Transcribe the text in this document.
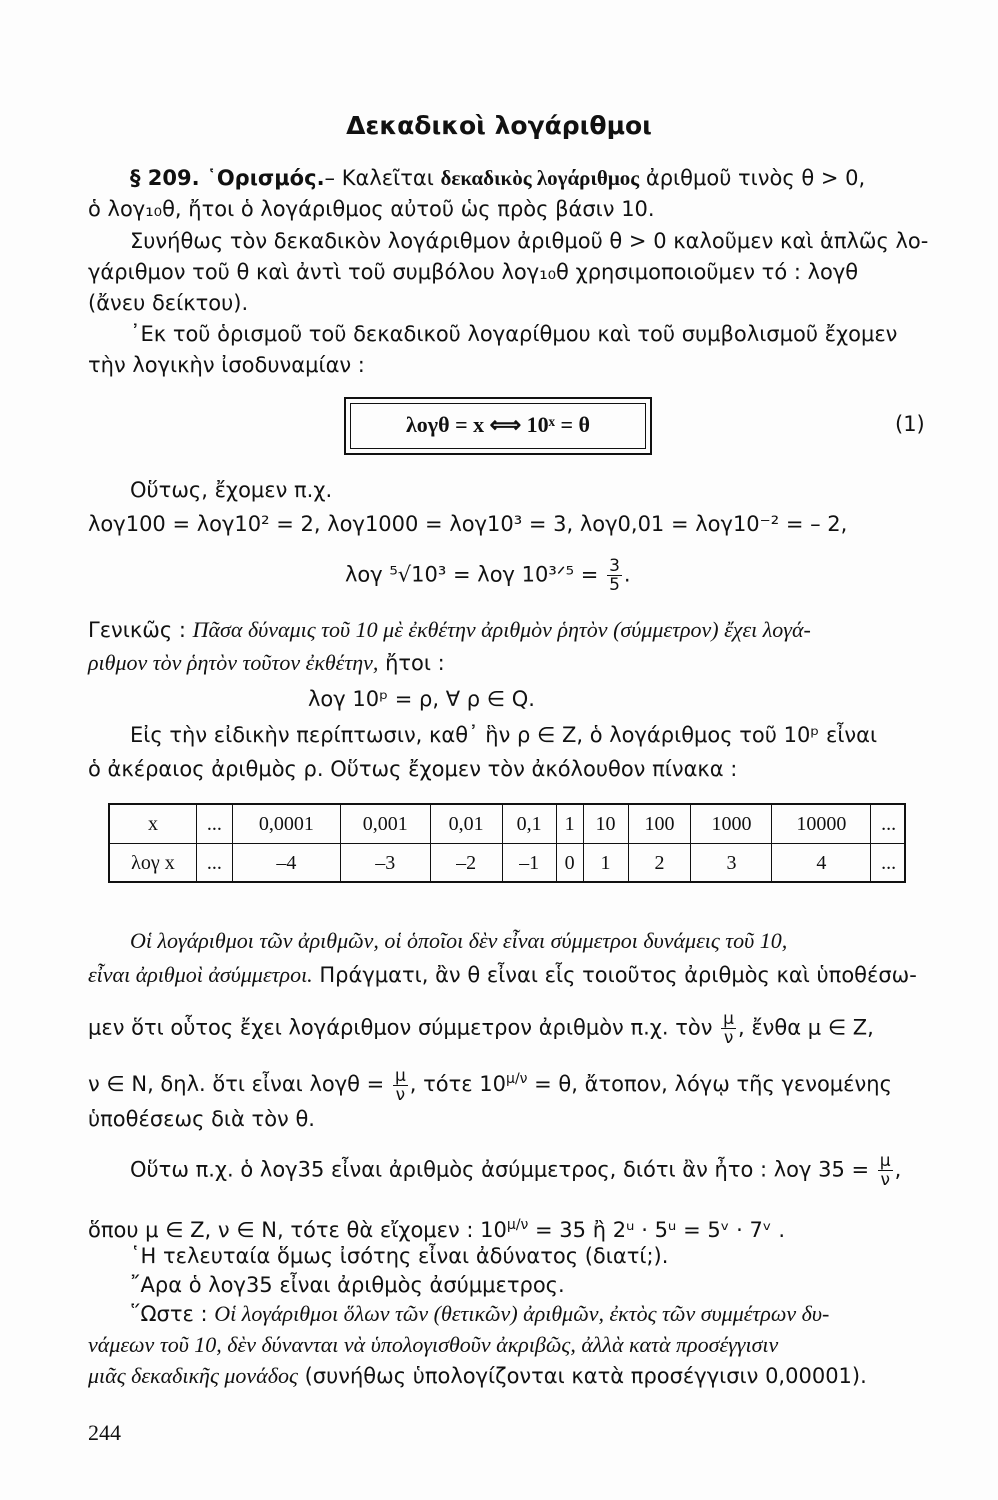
Δεκαδικοὶ λογάριθμοι
§ 209. ῾Ορισμός.– Καλεῖται δεκαδικὸς λογάριθμος ἀριθμοῦ τινὸς θ > 0,
ὁ λογ₁₀θ, ἤτοι ὁ λογάριθμος αὐτοῦ ὡς πρὸς βάσιν 10.
Συνήθως τὸν δεκαδικὸν λογάριθμον ἀριθμοῦ θ > 0 καλοῦμεν καὶ ἁπλῶς λο-
γάριθμον τοῦ θ καὶ ἀντὶ τοῦ συμβόλου λογ₁₀θ χρησιμοποιοῦμεν τό : λογθ
(ἄνευ δείκτου).
᾿Εκ τοῦ ὁρισμοῦ τοῦ δεκαδικοῦ λογαρίθμου καὶ τοῦ συμβολισμοῦ ἔχομεν
τὴν λογικὴν ἰσοδυναμίαν :
λογθ = x ⟺ 10ˣ = θ	(1)
Οὕτως, ἔχομεν π.χ.
λογ100 = λογ10² = 2, λογ1000 = λογ10³ = 3, λογ0,01 = λογ10⁻² = – 2,
λογ ⁵√10³ = λογ 10³ᐟ⁵ = $\frac{3}{5}$ .
Γενικῶς : Πᾶσα δύναμις τοῦ 10 μὲ ἐκθέτην ἀριθμὸν ῥητὸν (σύμμετρον) ἔχει λογά-
ριθμον τὸν ῥητὸν τοῦτον ἐκθέτην, ἤτοι :
λογ 10ᵖ = ρ, ∀ ρ ∈ Q.
Εἰς τὴν εἰδικὴν περίπτωσιν, καθ᾿ ἣν ρ ∈ Z, ὁ λογάριθμος τοῦ 10ᵖ εἶναι
ὁ ἀκέραιος ἀριθμὸς ρ. Οὕτως ἔχομεν τὸν ἀκόλουθον πίνακα :
x	...	0,0001	0,001	0,01	0,1	1	10	100	1000	10000	...
λογ x	...	–4	–3	–2	–1	0	1	2	3	4	...
Οἱ λογάριθμοι τῶν ἀριθμῶν, οἱ ὁποῖοι δὲν εἶναι σύμμετροι δυνάμεις τοῦ 10,
εἶναι ἀριθμοὶ ἀσύμμετροι. Πράγματι, ἂν θ εἶναι εἷς τοιοῦτος ἀριθμὸς καὶ ὑποθέσω-
μεν ὅτι οὗτος ἔχει λογάριθμον σύμμετρον ἀριθμὸν π.χ. τὸν $\frac{\mu}{\nu}$ , ἔνθα μ ∈ Z,
ν ∈ N, δηλ. ὅτι εἶναι $\lambda o\gamma\theta = \frac{\mu}{\nu}$ , τότε $10^{\mu/\nu} = \theta$, ἄτοπον, λόγῳ τῆς γενομένης
ὑποθέσεως διὰ τὸν θ.
Οὕτω π.χ. ὁ λογ35 εἶναι ἀριθμὸς ἀσύμμετρος, διότι ἂν ἦτο : λογ $35 = \frac{\mu}{\nu}$ ,
ὅπου μ ∈ Z, ν ∈ N, τότε θὰ εἴχομεν : $10^{\mu/\nu} = 35$ ἢ 2ᵘ · 5ᵘ = 5ᵛ · 7ᵛ .
῾Η τελευταία ὅμως ἰσότης εἶναι ἀδύνατος (διατί;).
῎Αρα ὁ λογ35 εἶναι ἀριθμὸς ἀσύμμετρος.
῞Ωστε : Οἱ λογάριθμοι ὅλων τῶν (θετικῶν) ἀριθμῶν, ἐκτὸς τῶν συμμέτρων δυ-
νάμεων τοῦ 10, δὲν δύνανται νὰ ὑπολογισθοῦν ἀκριβῶς, ἀλλὰ κατὰ προσέγγισιν
μιᾶς δεκαδικῆς μονάδος (συνήθως ὑπολογίζονται κατὰ προσέγγισιν 0,00001).
244
